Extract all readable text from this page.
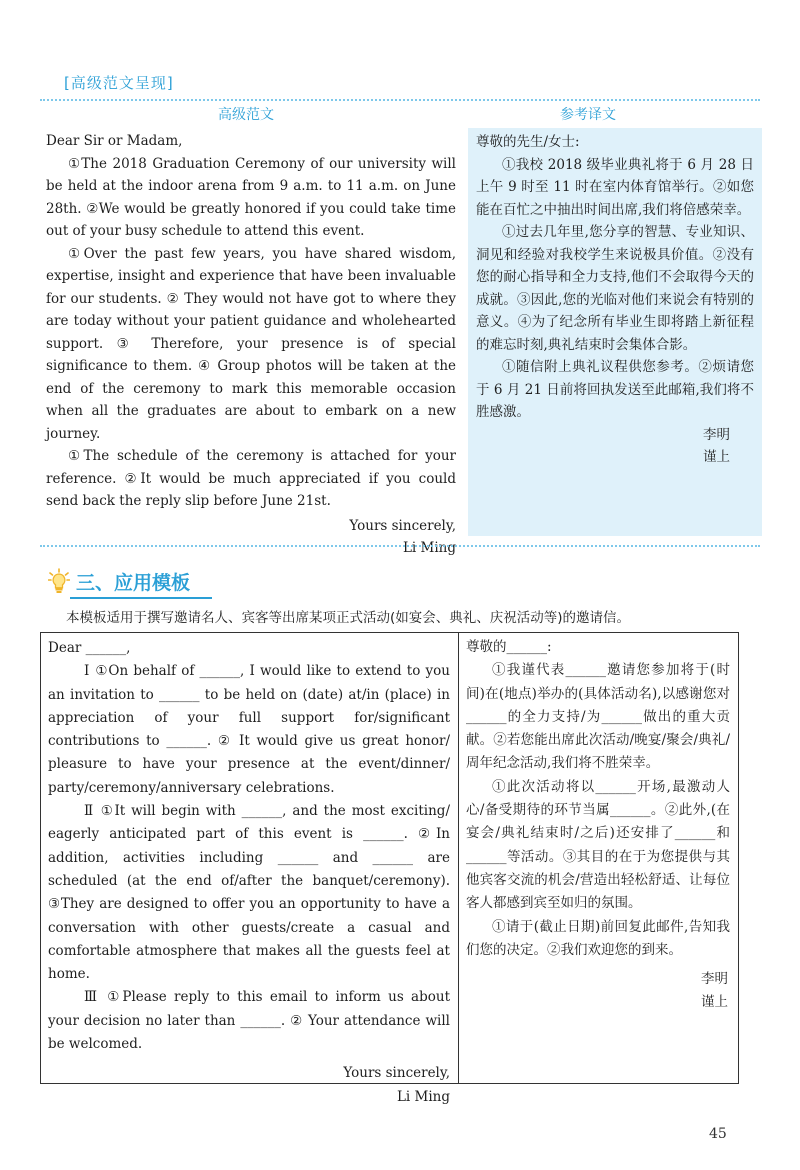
[高级范文呈现]
高级范文	参考译文

Dear Sir or Madam,

①The 2018 Graduation Ceremony of our university will be held at the indoor arena from 9 a.m. to 11 a.m. on June 28th. ②We would be greatly honored if you could take time out of your busy schedule to attend this event.

①Over the past few years, you have shared wisdom, expertise, insight and experience that have been invaluable for our students. ② They would not have got to where they are today without your patient guidance and wholehearted support. ③ Therefore, your presence is of special significance to them. ④ Group photos will be taken at the end of the ceremony to mark this memorable occasion when all the graduates are about to embark on a new journey.

①The schedule of the ceremony is attached for your reference. ②It would be much appreciated if you could send back the reply slip before June 21st.

Yours sincerely,

Li Ming

尊敬的先生/女士:

①我校 2018 级毕业典礼将于 6 月 28 日上午 9 时至 11 时在室内体育馆举行。②如您能在百忙之中抽出时间出席,我们将倍感荣幸。

①过去几年里,您分享的智慧、专业知识、洞见和经验对我校学生来说极具价值。②没有您的耐心指导和全力支持,他们不会取得今天的成就。③因此,您的光临对他们来说会有特别的意义。④为了纪念所有毕业生即将踏上新征程的难忘时刻,典礼结束时会集体合影。

①随信附上典礼议程供您参考。②烦请您于 6 月 21 日前将回执发送至此邮箱,我们将不胜感激。

李明

谨上

三、应用模板
本模板适用于撰写邀请名人、宾客等出席某项正式活动(如宴会、典礼、庆祝活动等)的邀请信。

Dear ______,

Ⅰ ①On behalf of ______, I would like to extend to you an invitation to ______ to be held on (date) at/in (place) in appreciation of your full support for/significant contributions to ______. ② It would give us great honor/ pleasure to have your presence at the event/dinner/ party/ceremony/anniversary celebrations.

Ⅱ ①It will begin with ______, and the most exciting/ eagerly anticipated part of this event is ______. ②In addition, activities including ______ and ______ are scheduled (at the end of/after the banquet/ceremony). ③They are designed to offer you an opportunity to have a conversation with other guests/create a casual and comfortable atmosphere that makes all the guests feel at home.

Ⅲ ①Please reply to this email to inform us about your decision no later than ______. ② Your attendance will be welcomed.

Yours sincerely,

Li Ming

尊敬的______:

①我谨代表______邀请您参加将于(时间)在(地点)举办的(具体活动名),以感谢您对______的全力支持/为______做出的重大贡献。②若您能出席此次活动/晚宴/聚会/典礼/周年纪念活动,我们将不胜荣幸。

①此次活动将以______开场,最激动人心/备受期待的环节当属______。②此外,(在宴会/典礼结束时/之后)还安排了______和______等活动。③其目的在于为您提供与其他宾客交流的机会/营造出轻松舒适、让每位客人都感到宾至如归的氛围。

①请于(截止日期)前回复此邮件,告知我们您的决定。②我们欢迎您的到来。

李明

谨上

45
